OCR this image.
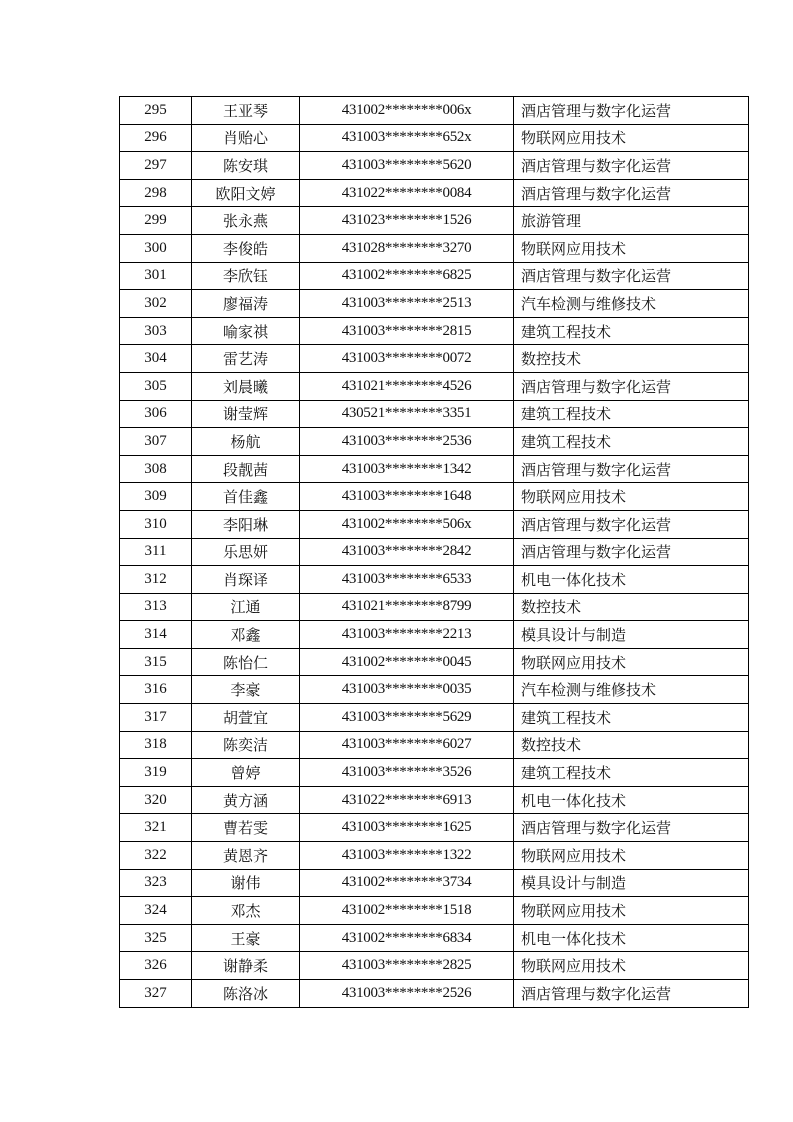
295	王亚琴	431002********006x	酒店管理与数字化运营
296	肖贻心	431003********652x	物联网应用技术
297	陈安琪	431003********5620	酒店管理与数字化运营
298	欧阳文婷	431022********0084	酒店管理与数字化运营
299	张永燕	431023********1526	旅游管理
300	李俊皓	431028********3270	物联网应用技术
301	李欣钰	431002********6825	酒店管理与数字化运营
302	廖福涛	431003********2513	汽车检测与维修技术
303	喻家祺	431003********2815	建筑工程技术
304	雷艺涛	431003********0072	数控技术
305	刘晨曦	431021********4526	酒店管理与数字化运营
306	谢莹辉	430521********3351	建筑工程技术
307	杨航	431003********2536	建筑工程技术
308	段靓茜	431003********1342	酒店管理与数字化运营
309	首佳鑫	431003********1648	物联网应用技术
310	李阳琳	431002********506x	酒店管理与数字化运营
311	乐思妍	431003********2842	酒店管理与数字化运营
312	肖琛译	431003********6533	机电一体化技术
313	江通	431021********8799	数控技术
314	邓鑫	431003********2213	模具设计与制造
315	陈怡仁	431002********0045	物联网应用技术
316	李豪	431003********0035	汽车检测与维修技术
317	胡萱宜	431003********5629	建筑工程技术
318	陈奕洁	431003********6027	数控技术
319	曾婷	431003********3526	建筑工程技术
320	黄方涵	431022********6913	机电一体化技术
321	曹若雯	431003********1625	酒店管理与数字化运营
322	黄恩齐	431003********1322	物联网应用技术
323	谢伟	431002********3734	模具设计与制造
324	邓杰	431002********1518	物联网应用技术
325	王豪	431002********6834	机电一体化技术
326	谢静柔	431003********2825	物联网应用技术
327	陈洛冰	431003********2526	酒店管理与数字化运营
